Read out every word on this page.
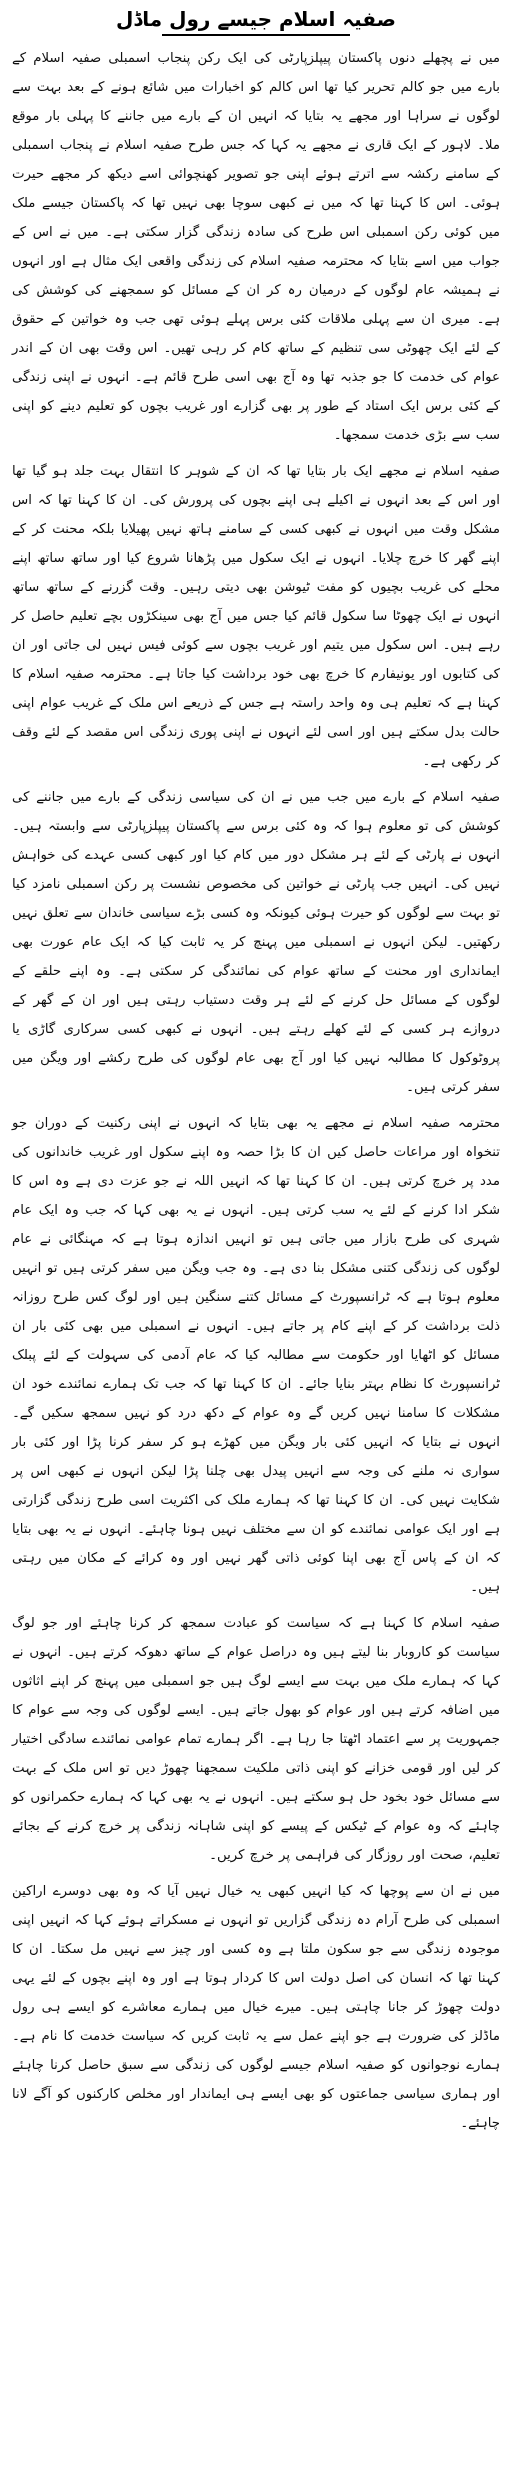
صفیہ اسلام جیسے رول ماڈل

میں نے پچھلے دنوں پاکستان پیپلزپارٹی کی ایک رکن پنجاب اسمبلی صفیہ اسلام کے بارے میں جو کالم تحریر کیا تھا اس کالم کو اخبارات میں شائع ہونے کے بعد بہت سے لوگوں نے سراہا اور مجھے یہ بتایا کہ انہیں ان کے بارے میں جاننے کا پہلی بار موقع ملا۔ لاہور کے ایک قاری نے مجھے یہ کہا کہ جس طرح صفیہ اسلام نے پنجاب اسمبلی کے سامنے رکشہ سے اترتے ہوئے اپنی جو تصویر کھنچوائی اسے دیکھ کر مجھے حیرت ہوئی۔ اس کا کہنا تھا کہ میں نے کبھی سوچا بھی نہیں تھا کہ پاکستان جیسے ملک میں کوئی رکن اسمبلی اس طرح کی سادہ زندگی گزار سکتی ہے۔ میں نے اس کے جواب میں اسے بتایا کہ محترمہ صفیہ اسلام کی زندگی واقعی ایک مثال ہے اور انہوں نے ہمیشہ عام لوگوں کے درمیان رہ کر ان کے مسائل کو سمجھنے کی کوشش کی ہے۔ میری ان سے پہلی ملاقات کئی برس پہلے ہوئی تھی جب وہ خواتین کے حقوق کے لئے ایک چھوٹی سی تنظیم کے ساتھ کام کر رہی تھیں۔ اس وقت بھی ان کے اندر عوام کی خدمت کا جو جذبہ تھا وہ آج بھی اسی طرح قائم ہے۔ انہوں نے اپنی زندگی کے کئی برس ایک استاد کے طور پر بھی گزارے اور غریب بچوں کو تعلیم دینے کو اپنی سب سے بڑی خدمت سمجھا۔

صفیہ اسلام نے مجھے ایک بار بتایا تھا کہ ان کے شوہر کا انتقال بہت جلد ہو گیا تھا اور اس کے بعد انہوں نے اکیلے ہی اپنے بچوں کی پرورش کی۔ ان کا کہنا تھا کہ اس مشکل وقت میں انہوں نے کبھی کسی کے سامنے ہاتھ نہیں پھیلایا بلکہ محنت کر کے اپنے گھر کا خرچ چلایا۔ انہوں نے ایک سکول میں پڑھانا شروع کیا اور ساتھ ساتھ اپنے محلے کی غریب بچیوں کو مفت ٹیوشن بھی دیتی رہیں۔ وقت گزرنے کے ساتھ ساتھ انہوں نے ایک چھوٹا سا سکول قائم کیا جس میں آج بھی سینکڑوں بچے تعلیم حاصل کر رہے ہیں۔ اس سکول میں یتیم اور غریب بچوں سے کوئی فیس نہیں لی جاتی اور ان کی کتابوں اور یونیفارم کا خرچ بھی خود برداشت کیا جاتا ہے۔ محترمہ صفیہ اسلام کا کہنا ہے کہ تعلیم ہی وہ واحد راستہ ہے جس کے ذریعے اس ملک کے غریب عوام اپنی حالت بدل سکتے ہیں اور اسی لئے انہوں نے اپنی پوری زندگی اس مقصد کے لئے وقف کر رکھی ہے۔

صفیہ اسلام کے بارے میں جب میں نے ان کی سیاسی زندگی کے بارے میں جاننے کی کوشش کی تو معلوم ہوا کہ وہ کئی برس سے پاکستان پیپلزپارٹی سے وابستہ ہیں۔ انہوں نے پارٹی کے لئے ہر مشکل دور میں کام کیا اور کبھی کسی عہدے کی خواہش نہیں کی۔ انہیں جب پارٹی نے خواتین کی مخصوص نشست پر رکن اسمبلی نامزد کیا تو بہت سے لوگوں کو حیرت ہوئی کیونکہ وہ کسی بڑے سیاسی خاندان سے تعلق نہیں رکھتیں۔ لیکن انہوں نے اسمبلی میں پہنچ کر یہ ثابت کیا کہ ایک عام عورت بھی ایمانداری اور محنت کے ساتھ عوام کی نمائندگی کر سکتی ہے۔ وہ اپنے حلقے کے لوگوں کے مسائل حل کرنے کے لئے ہر وقت دستیاب رہتی ہیں اور ان کے گھر کے دروازے ہر کسی کے لئے کھلے رہتے ہیں۔ انہوں نے کبھی کسی سرکاری گاڑی یا پروٹوکول کا مطالبہ نہیں کیا اور آج بھی عام لوگوں کی طرح رکشے اور ویگن میں سفر کرتی ہیں۔

محترمہ صفیہ اسلام نے مجھے یہ بھی بتایا کہ انہوں نے اپنی رکنیت کے دوران جو تنخواہ اور مراعات حاصل کیں ان کا بڑا حصہ وہ اپنے سکول اور غریب خاندانوں کی مدد پر خرچ کرتی ہیں۔ ان کا کہنا تھا کہ انہیں اللہ نے جو عزت دی ہے وہ اس کا شکر ادا کرنے کے لئے یہ سب کرتی ہیں۔ انہوں نے یہ بھی کہا کہ جب وہ ایک عام شہری کی طرح بازار میں جاتی ہیں تو انہیں اندازہ ہوتا ہے کہ مہنگائی نے عام لوگوں کی زندگی کتنی مشکل بنا دی ہے۔ وہ جب ویگن میں سفر کرتی ہیں تو انہیں معلوم ہوتا ہے کہ ٹرانسپورٹ کے مسائل کتنے سنگین ہیں اور لوگ کس طرح روزانہ ذلت برداشت کر کے اپنے کام پر جاتے ہیں۔ انہوں نے اسمبلی میں بھی کئی بار ان مسائل کو اٹھایا اور حکومت سے مطالبہ کیا کہ عام آدمی کی سہولت کے لئے پبلک ٹرانسپورٹ کا نظام بہتر بنایا جائے۔ ان کا کہنا تھا کہ جب تک ہمارے نمائندے خود ان مشکلات کا سامنا نہیں کریں گے وہ عوام کے دکھ درد کو نہیں سمجھ سکیں گے۔ انہوں نے بتایا کہ انہیں کئی بار ویگن میں کھڑے ہو کر سفر کرنا پڑا اور کئی بار سواری نہ ملنے کی وجہ سے انہیں پیدل بھی چلنا پڑا لیکن انہوں نے کبھی اس پر شکایت نہیں کی۔ ان کا کہنا تھا کہ ہمارے ملک کی اکثریت اسی طرح زندگی گزارتی ہے اور ایک عوامی نمائندے کو ان سے مختلف نہیں ہونا چاہئے۔ انہوں نے یہ بھی بتایا کہ ان کے پاس آج بھی اپنا کوئی ذاتی گھر نہیں اور وہ کرائے کے مکان میں رہتی ہیں۔

صفیہ اسلام کا کہنا ہے کہ سیاست کو عبادت سمجھ کر کرنا چاہئے اور جو لوگ سیاست کو کاروبار بنا لیتے ہیں وہ دراصل عوام کے ساتھ دھوکہ کرتے ہیں۔ انہوں نے کہا کہ ہمارے ملک میں بہت سے ایسے لوگ ہیں جو اسمبلی میں پہنچ کر اپنے اثاثوں میں اضافہ کرتے ہیں اور عوام کو بھول جاتے ہیں۔ ایسے لوگوں کی وجہ سے عوام کا جمہوریت پر سے اعتماد اٹھتا جا رہا ہے۔ اگر ہمارے تمام عوامی نمائندے سادگی اختیار کر لیں اور قومی خزانے کو اپنی ذاتی ملکیت سمجھنا چھوڑ دیں تو اس ملک کے بہت سے مسائل خود بخود حل ہو سکتے ہیں۔ انہوں نے یہ بھی کہا کہ ہمارے حکمرانوں کو چاہئے کہ وہ عوام کے ٹیکس کے پیسے کو اپنی شاہانہ زندگی پر خرچ کرنے کے بجائے تعلیم، صحت اور روزگار کی فراہمی پر خرچ کریں۔

میں نے ان سے پوچھا کہ کیا انہیں کبھی یہ خیال نہیں آیا کہ وہ بھی دوسرے اراکین اسمبلی کی طرح آرام دہ زندگی گزاریں تو انہوں نے مسکراتے ہوئے کہا کہ انہیں اپنی موجودہ زندگی سے جو سکون ملتا ہے وہ کسی اور چیز سے نہیں مل سکتا۔ ان کا کہنا تھا کہ انسان کی اصل دولت اس کا کردار ہوتا ہے اور وہ اپنے بچوں کے لئے یہی دولت چھوڑ کر جانا چاہتی ہیں۔ میرے خیال میں ہمارے معاشرے کو ایسے ہی رول ماڈلز کی ضرورت ہے جو اپنے عمل سے یہ ثابت کریں کہ سیاست خدمت کا نام ہے۔ ہمارے نوجوانوں کو صفیہ اسلام جیسے لوگوں کی زندگی سے سبق حاصل کرنا چاہئے اور ہماری سیاسی جماعتوں کو بھی ایسے ہی ایماندار اور مخلص کارکنوں کو آگے لانا چاہئے۔
